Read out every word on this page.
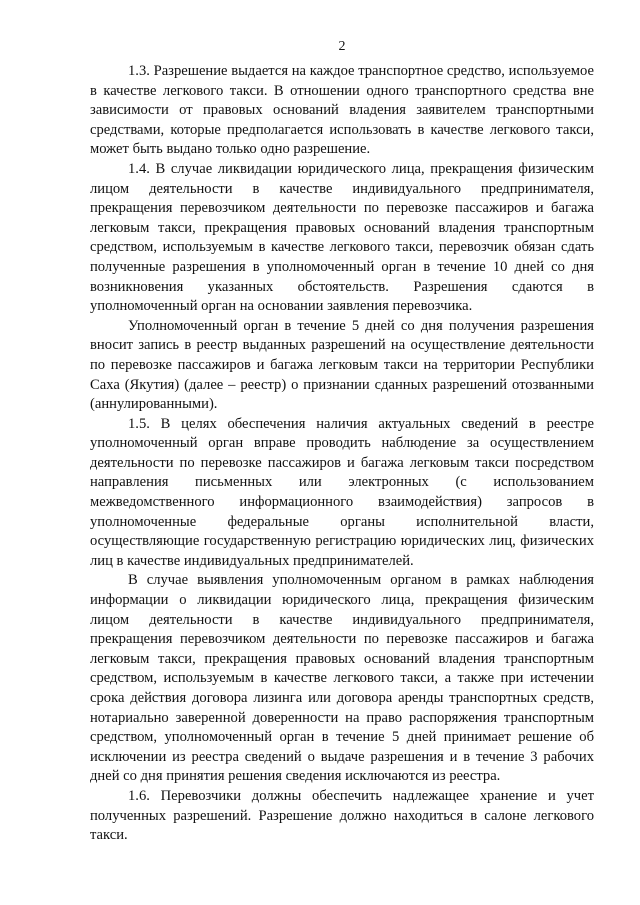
2

1.3. Разрешение выдается на каждое транспортное средство, используемое в качестве легкового такси. В отношении одного транспортного средства вне зависимости от правовых оснований владения заявителем транспортными средствами, которые предполагается использовать в качестве легкового такси, может быть выдано только одно разрешение.

1.4. В случае ликвидации юридического лица, прекращения физическим лицом деятельности в качестве индивидуального предпринимателя, прекращения перевозчиком деятельности по перевозке пассажиров и багажа легковым такси, прекращения правовых оснований владения транспортным средством, используемым в качестве легкового такси, перевозчик обязан сдать полученные разрешения в уполномоченный орган в течение 10 дней со дня возникновения указанных обстоятельств. Разрешения сдаются в уполномоченный орган на основании заявления перевозчика.

Уполномоченный орган в течение 5 дней со дня получения разрешения вносит запись в реестр выданных разрешений на осуществление деятельности по перевозке пассажиров и багажа легковым такси на территории Республики Саха (Якутия) (далее – реестр) о признании сданных разрешений отозванными (аннулированными).

1.5. В целях обеспечения наличия актуальных сведений в реестре уполномоченный орган вправе проводить наблюдение за осуществлением деятельности по перевозке пассажиров и багажа легковым такси посредством направления письменных или электронных (с использованием межведомственного информационного взаимодействия) запросов в уполномоченные федеральные органы исполнительной власти, осуществляющие государственную регистрацию юридических лиц, физических лиц в качестве индивидуальных предпринимателей.

В случае выявления уполномоченным органом в рамках наблюдения информации о ликвидации юридического лица, прекращения физическим лицом деятельности в качестве индивидуального предпринимателя, прекращения перевозчиком деятельности по перевозке пассажиров и багажа легковым такси, прекращения правовых оснований владения транспортным средством, используемым в качестве легкового такси, а также при истечении срока действия договора лизинга или договора аренды транспортных средств, нотариально заверенной доверенности на право распоряжения транспортным средством, уполномоченный орган в течение 5 дней принимает решение об исключении из реестра сведений о выдаче разрешения и в течение 3 рабочих дней со дня принятия решения сведения исключаются из реестра.

1.6. Перевозчики должны обеспечить надлежащее хранение и учет полученных разрешений. Разрешение должно находиться в салоне легкового такси.
